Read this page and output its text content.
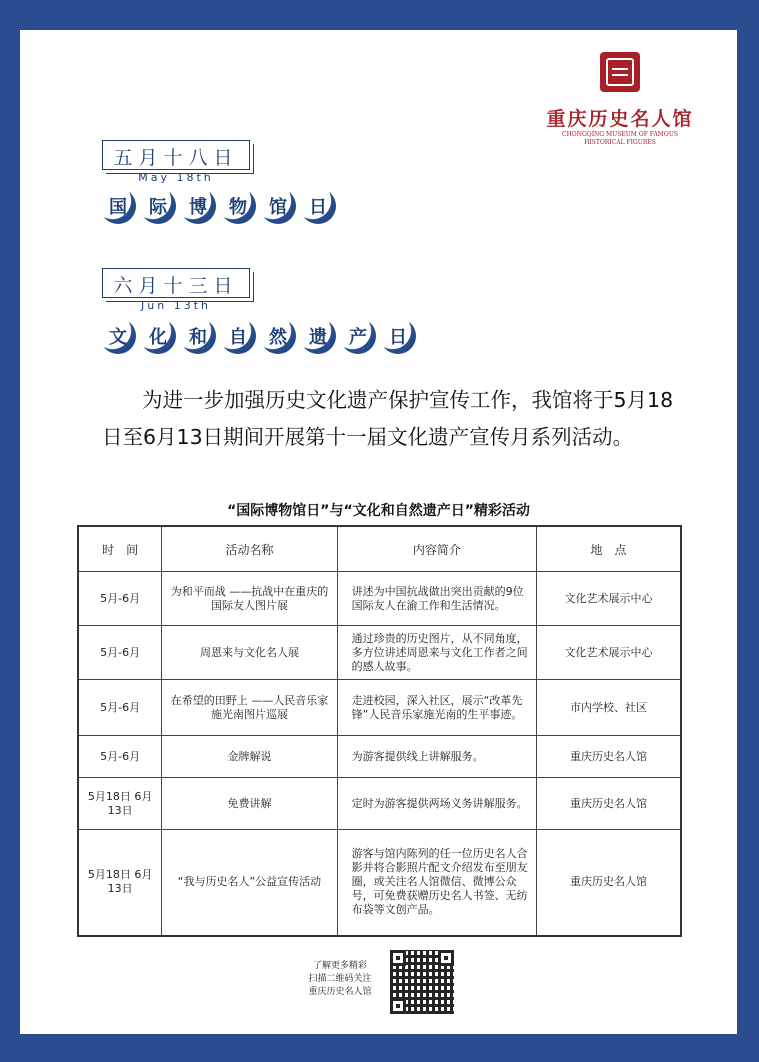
重庆历史名人馆
CHONGQING MUSEUM OF FAMOUS
HISTORICAL FIGURES
五月十八日
May 18th
国	际	博	物	馆	日
六月十三日
Jun 13th
文	化	和	自	然	遗	产	日
为进一步加强历史文化遗产保护宣传工作，我馆将于5月18日至6月13日期间开展第十一届文化遗产宣传月系列活动。
“国际博物馆日”与“文化和自然遗产日”精彩活动
时　间	活动名称	内容简介	地　点
5月-6月	为和平而战 ——抗战中在重庆的国际友人图片展	讲述为中国抗战做出突出贡献的9位国际友人在渝工作和生活情况。	文化艺术展示中心
5月-6月	周恩来与文化名人展	通过珍贵的历史图片，从不同角度，多方位讲述周恩来与文化工作者之间的感人故事。	文化艺术展示中心
5月-6月	在希望的田野上 ——人民音乐家施光南图片巡展	走进校园，深入社区，展示“改革先锋”人民音乐家施光南的生平事迹。	市内学校、社区
5月-6月	金牌解说	为游客提供线上讲解服务。	重庆历史名人馆
5月18日 6月13日	免费讲解	定时为游客提供两场义务讲解服务。	重庆历史名人馆
5月18日 6月13日	“我与历史名人”公益宣传活动	游客与馆内陈列的任一位历史名人合影并将合影照片配文介绍发布至朋友圈，或关注名人馆微信、微博公众号，可免费获赠历史名人书签、无纺布袋等文创产品。	重庆历史名人馆
了解更多精彩
扫描二维码关注
重庆历史名人馆
